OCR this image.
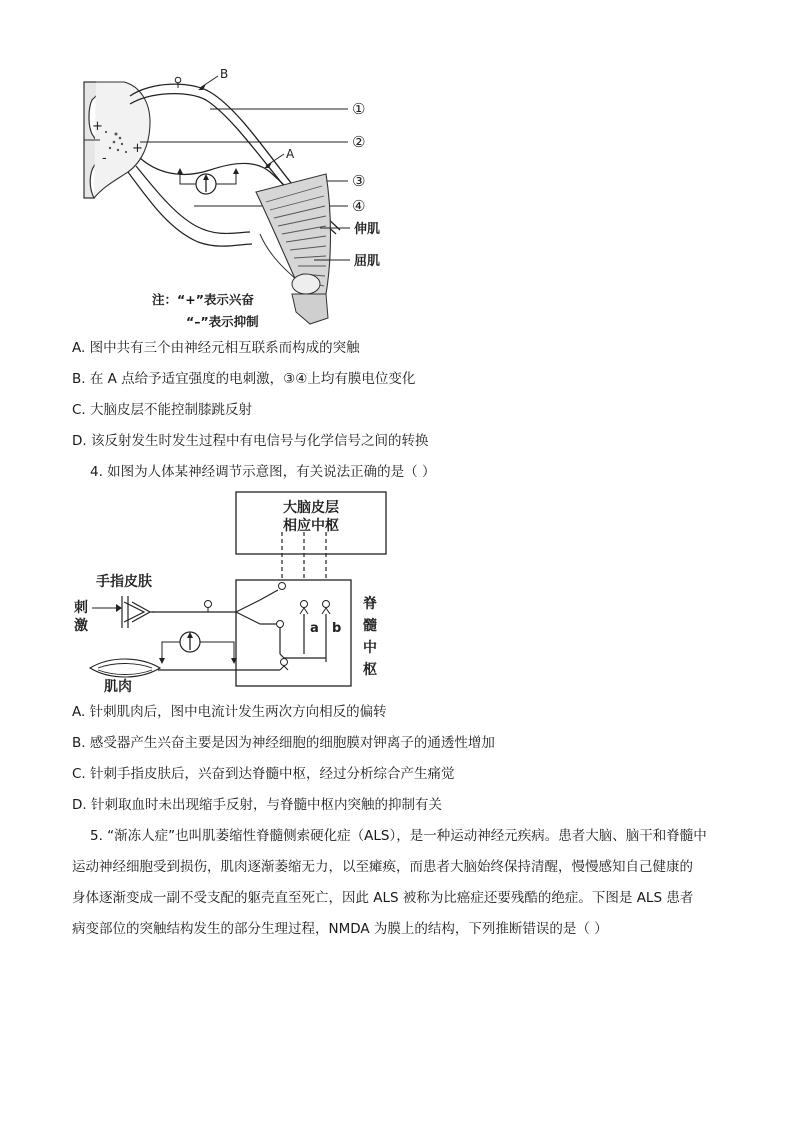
+
+
-
B
A
①
②
③
④
伸肌
屈肌
注：“+”表示兴奋
“–”表示抑制
A. 图中共有三个由神经元相互联系而构成的突触
B. 在 A 点给予适宜强度的电刺激，③④上均有膜电位变化
C. 大脑皮层不能控制膝跳反射
D. 该反射发生时发生过程中有电信号与化学信号之间的转换
4. 如图为人体某神经调节示意图，有关说法正确的是（ ）
大脑皮层
相应中枢
脊
髓
中
枢
a b
手指皮肤
刺
激
肌肉
A. 针刺肌肉后，图中电流计发生两次方向相反的偏转
B. 感受器产生兴奋主要是因为神经细胞的细胞膜对钾离子的通透性增加
C. 针刺手指皮肤后，兴奋到达脊髓中枢，经过分析综合产生痛觉
D. 针刺取血时未出现缩手反射，与脊髓中枢内突触的抑制有关
5. “渐冻人症”也叫肌萎缩性脊髓侧索硬化症（ALS），是一种运动神经元疾病。患者大脑、脑干和脊髓中
运动神经细胞受到损伤，肌肉逐渐萎缩无力，以至瘫痪，而患者大脑始终保持清醒，慢慢感知自己健康的
身体逐渐变成一副不受支配的躯壳直至死亡，因此 ALS 被称为比癌症还要残酷的绝症。下图是 ALS 患者
病变部位的突触结构发生的部分生理过程，NMDA 为膜上的结构，下列推断错误的是（ ）
